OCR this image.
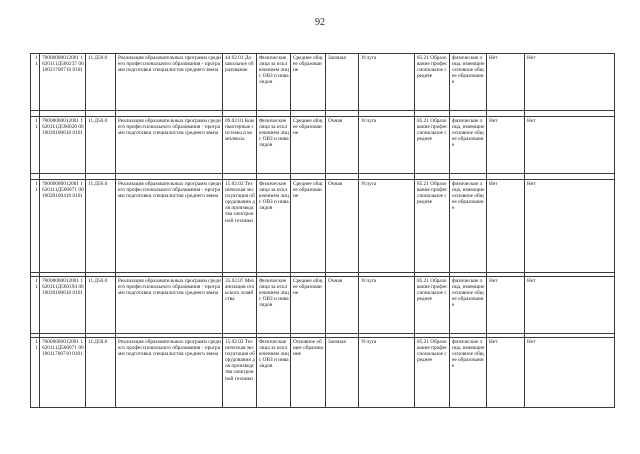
92
11	70000000012001 1620111Д560237 0010021700710 0101	11.Д56.0	Реализация образовательных программ среднего профессионального образования - программ подготовки специалистов среднего звена	44.02.01 Дошкольное образование	Физические лица за исключением лиц с ОВЗ и инвалидов	Среднее общее образование	Заочная	Услуга	85.21 Образование профессиональное среднее	физические лица, имеющие основное общее образование	Нет	Нет

11	70000000012001 1620111Д560020 0010020100610 0101	11.Д56.0	Реализация образовательных программ среднего профессионального образования - программ подготовки специалистов среднего звена	09.02.01 Компьютерные системы и комплексы	Физические лица за исключением лиц с ОВЗ и инвалидов	Среднее общее образование	Очная	Услуга	85.21 Образование профессиональное среднее	физические лица, имеющие основное общее образование	Нет	Нет

11	70000000012001 1620111Д560071 0010020100410 0101	11.Д56.0	Реализация образовательных программ среднего профессионального образования - программ подготовки специалистов среднего звена	15.02.02 Техническая эксплуатация оборудования для производства электронной техники	Физические лица за исключением лиц с ОВЗ и инвалидов	Среднее общее образование	Очная	Услуга	85.21 Образование профессиональное среднее	физические лица, имеющие основное общее образование	Нет	Нет

11	70000000012001 1620111Д560194 0010020100610 0101	11.Д56.0	Реализация образовательных программ среднего профессионального образования - программ подготовки специалистов среднего звена	35.02.07 Механизация сельского хозяйства	Физические лица за исключением лиц с ОВЗ и инвалидов	Среднее общее образование	Очная	Услуга	85.21 Образование профессиональное среднее	физические лица, имеющие основное общее образование	Нет	Нет

11	70000000012001 1620111Д560071 0010011700710 0101	11.Д56.0	Реализация образовательных программ среднего профессионального образования - программ подготовки специалистов среднего звена	15.02.02 Техническая эксплуатация оборудования для производства электронной техники	Физические лица за исключением лиц с ОВЗ и инвалидов	Основное общее образование	Заочная	Услуга	85.21 Образование профессиональное среднее	физические лица, имеющие основное общее образование	Нет	Нет
